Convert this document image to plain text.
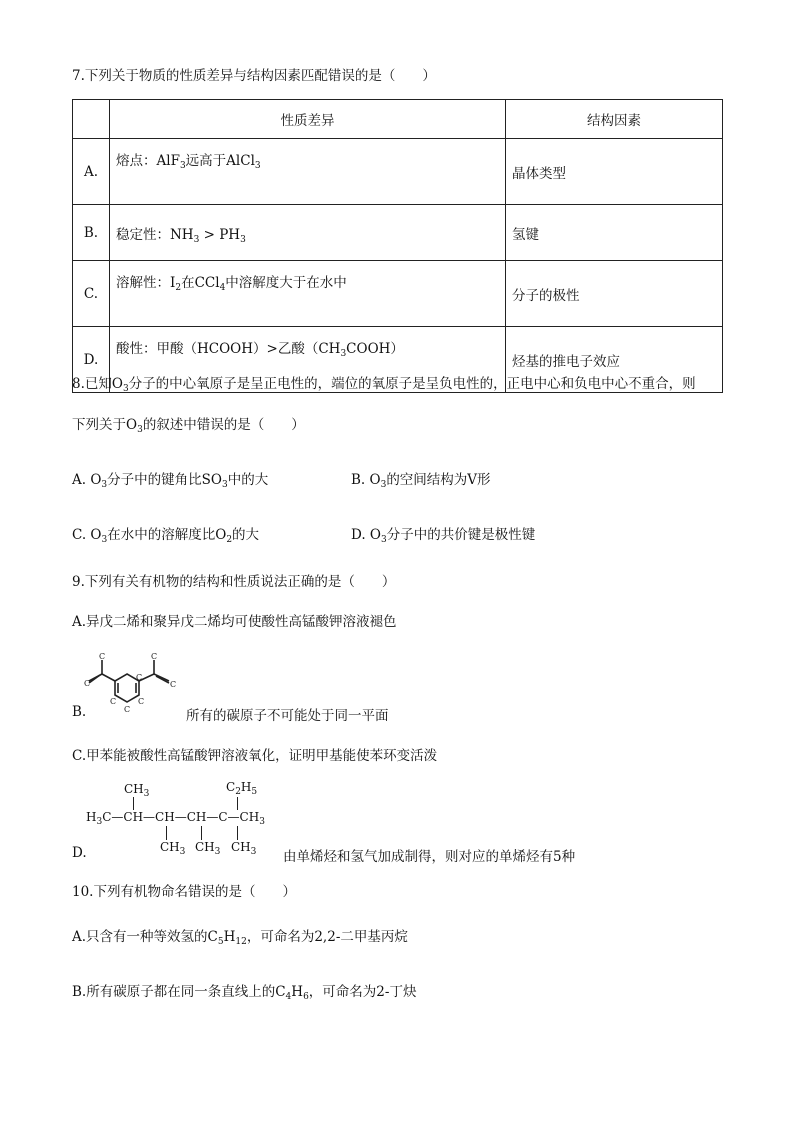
7.下列关于物质的性质差异与结构因素匹配错误的是（　　）
	性质差异	结构因素
A.	熔点：AlF$_3$远高于AlCl$_3$	晶体类型
B.	稳定性：$NH_3 > PH_3$	氢键
C.	溶解性：$I_2$在CCl$_4$中溶解度大于在水中	分子的极性
D.	酸性：甲酸（HCOOH）>乙酸$(CH_3COOH)$	烃基的推电子效应
8.已知$O_3$分子的中心氧原子是呈正电性的，端位的氧原子是呈负电性的，正电中心和负电中心不重合，则
下列关于$O_3$的叙述中错误的是（　　）
A. $O_3$分子中的键角比$SO_3$中的大	B. $O_3$的空间结构为V形
C. $O_3$在水中的溶解度比$O_2$的大	D. $O_3$分子中的共价键是极性键
9.下列有关有机物的结构和性质说法正确的是（　　）
A.异戊二烯和聚异戊二烯均可使酸性高锰酸钾溶液褪色
C	C
C	C
C
C
C
C
B.	所有的碳原子不可能处于同一平面
C.甲苯能被酸性高锰酸钾溶液氧化，证明甲基能使苯环变活泼
$CH_3$	$C_2H_5$
$H_3C—CH—CH—CH—C—CH_3$
$CH_3$ $CH_3$ $CH_3$
D.	由单烯烃和氢气加成制得，则对应的单烯烃有5种
10.下列有机物命名错误的是（　　）
A.只含有一种等效氢的$C_5H_{12}$，可命名为2,2-二甲基丙烷
B.所有碳原子都在同一条直线上的$C_4H_6$，可命名为2-丁炔
